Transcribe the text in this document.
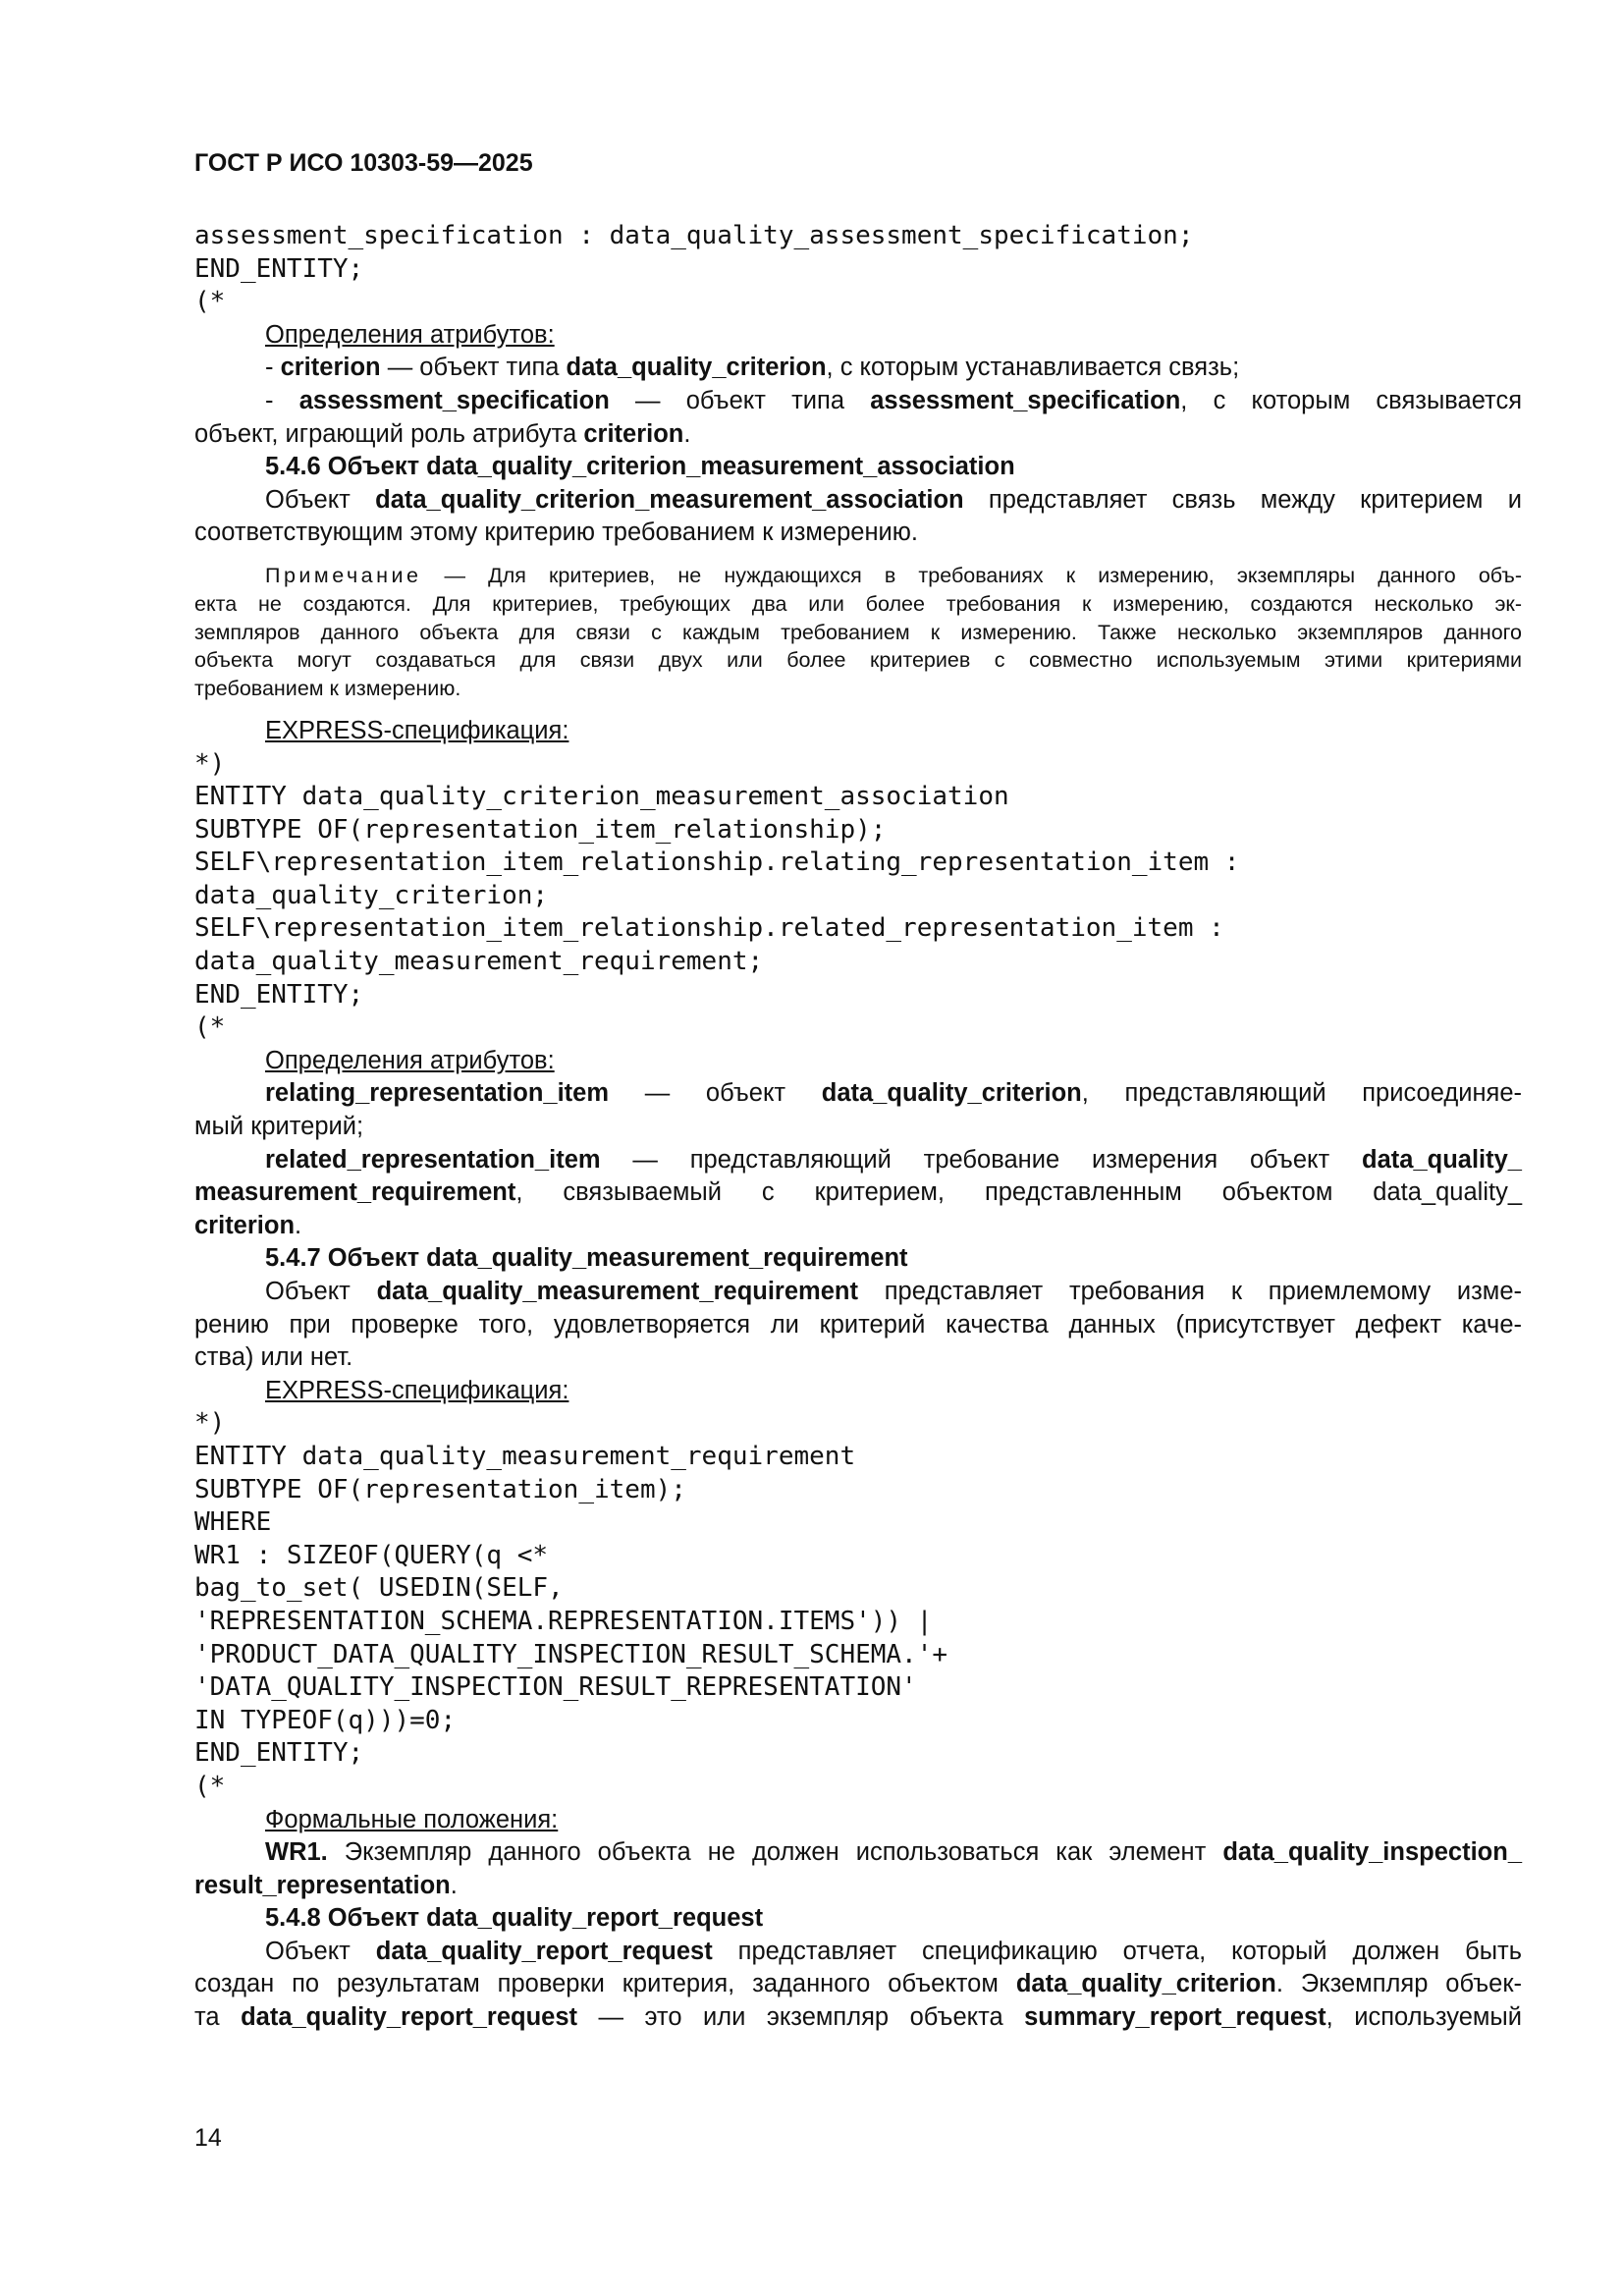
ГОСТ Р ИСО 10303-59—2025
assessment_specification : data_quality_assessment_specification;
END_ENTITY;
(*
Определения атрибутов:
- criterion — объект типа data_quality_criterion, с которым устанавливается связь;
- assessment_specification — объект типа assessment_specification, с которым связывается
объект, играющий роль атрибута criterion.
5.4.6 Объект data_quality_criterion_measurement_association
Объект data_quality_criterion_measurement_association представляет связь между критерием и
соответствующим этому критерию требованием к измерению.
Примечание — Для критериев, не нуждающихся в требованиях к измерению, экземпляры данного объ-
екта не создаются. Для критериев, требующих два или более требования к измерению, создаются несколько эк-
земпляров данного объекта для связи с каждым требованием к измерению. Также несколько экземпляров данного
объекта могут создаваться для связи двух или более критериев с совместно используемым этими критериями
требованием к измерению.
EXPRESS-спецификация:
*)
ENTITY data_quality_criterion_measurement_association
SUBTYPE OF(representation_item_relationship);
SELF\representation_item_relationship.relating_representation_item :
data_quality_criterion;
SELF\representation_item_relationship.related_representation_item :
data_quality_measurement_requirement;
END_ENTITY;
(*
Определения атрибутов:
relating_representation_item — объект data_quality_criterion, представляющий присоединяе-
мый критерий;
related_representation_item — представляющий требование измерения объект data_quality_
measurement_requirement, связываемый с критерием, представленным объектом data_quality_
criterion.
5.4.7 Объект data_quality_measurement_requirement
Объект data_quality_measurement_requirement представляет требования к приемлемому изме-
рению при проверке того, удовлетворяется ли критерий качества данных (присутствует дефект каче-
ства) или нет.
EXPRESS-спецификация:
*)
ENTITY data_quality_measurement_requirement
SUBTYPE OF(representation_item);
WHERE
WR1 : SIZEOF(QUERY(q <*
bag_to_set( USEDIN(SELF,
'REPRESENTATION_SCHEMA.REPRESENTATION.ITEMS')) |
'PRODUCT_DATA_QUALITY_INSPECTION_RESULT_SCHEMA.'+
'DATA_QUALITY_INSPECTION_RESULT_REPRESENTATION'
IN TYPEOF(q)))=0;
END_ENTITY;
(*
Формальные положения:
WR1. Экземпляр данного объекта не должен использоваться как элемент data_quality_inspection_
result_representation.
5.4.8 Объект data_quality_report_request
Объект data_quality_report_request представляет спецификацию отчета, который должен быть
создан по результатам проверки критерия, заданного объектом data_quality_criterion. Экземпляр объек-
та data_quality_report_request — это или экземпляр объекта summary_report_request, используемый
14
